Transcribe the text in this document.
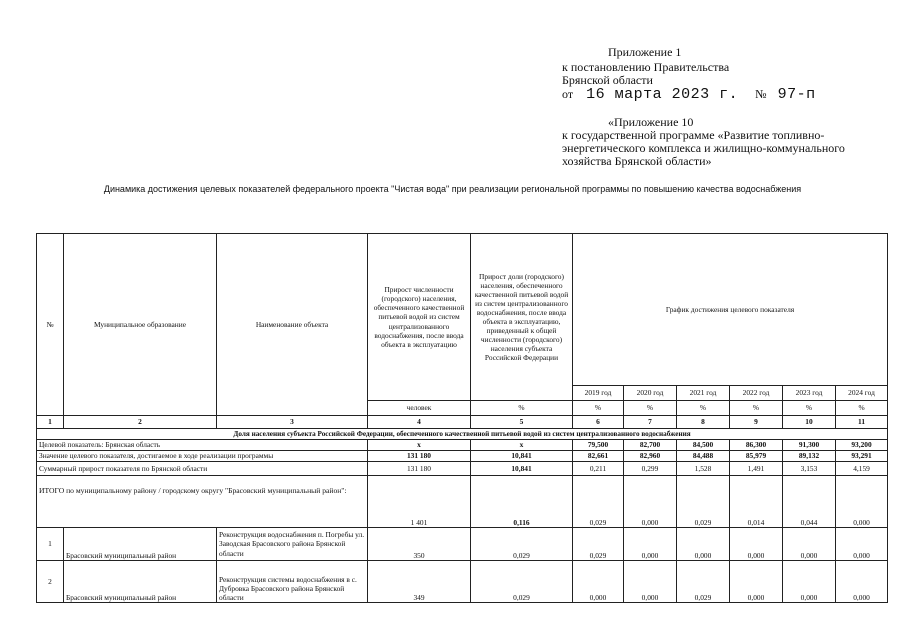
Приложение 1
к постановлению Правительства
Брянской области
от 16 марта 2023 г. № 97-п
«Приложение 10
к государственной программе «Развитие топливно-
энергетического комплекса и жилищно-коммунального
хозяйства Брянской области»
Динамика достижения целевых показателей федерального проекта "Чистая вода" при реализации региональной программы по повышению качества водоснабжения
№	Муниципальное образование	Наименование объекта	Прирост численности (городского) населения, обеспеченного качественной питьевой водой из систем централизованного водоснабжения, после ввода объекта в эксплуатацию	Прирост доли (городского) населения, обеспеченного качественной питьевой водой из систем централизованного водоснабжения, после ввода объекта в эксплуатацию, приведенный к общей численности (городского) населения субъекта Российской Федерации	График достижения целевого показателя					
					2019 год	2020 год	2021 год	2022 год	2023 год	2024 год
			человек	%	%	%	%	%	%	%
1	2	3	4	5	6	7	8	9	10	11
Доля населения субъекта Российской Федерации, обеспеченного качественной питьевой водой из систем централизованного водоснабжения										
Целевой показатель: Брянская область			х	х	79,500	82,700	84,500	86,300	91,300	93,200
Значение целевого показателя, достигаемое в ходе реализации программы			131 180	10,841	82,661	82,960	84,488	85,979	89,132	93,291
Суммарный прирост показателя по Брянской области			131 180	10,841	0,211	0,299	1,528	1,491	3,153	4,159
ИТОГО по муниципальному району / городскому округу "Брасовский муниципальный район":			1 401	0,116	0,029	0,000	0,029	0,014	0,044	0,000
1	Брасовский муниципальный район	Реконструкция водоснабжения п. Погребы ул. Заводская Брасовского района Брянской области	350	0,029	0,029	0,000	0,000	0,000	0,000	0,000
2	Брасовский муниципальный район	Реконструкция системы водоснабжения в с. Дубровка Брасовского района Брянской области	349	0,029	0,000	0,000	0,029	0,000	0,000	0,000
